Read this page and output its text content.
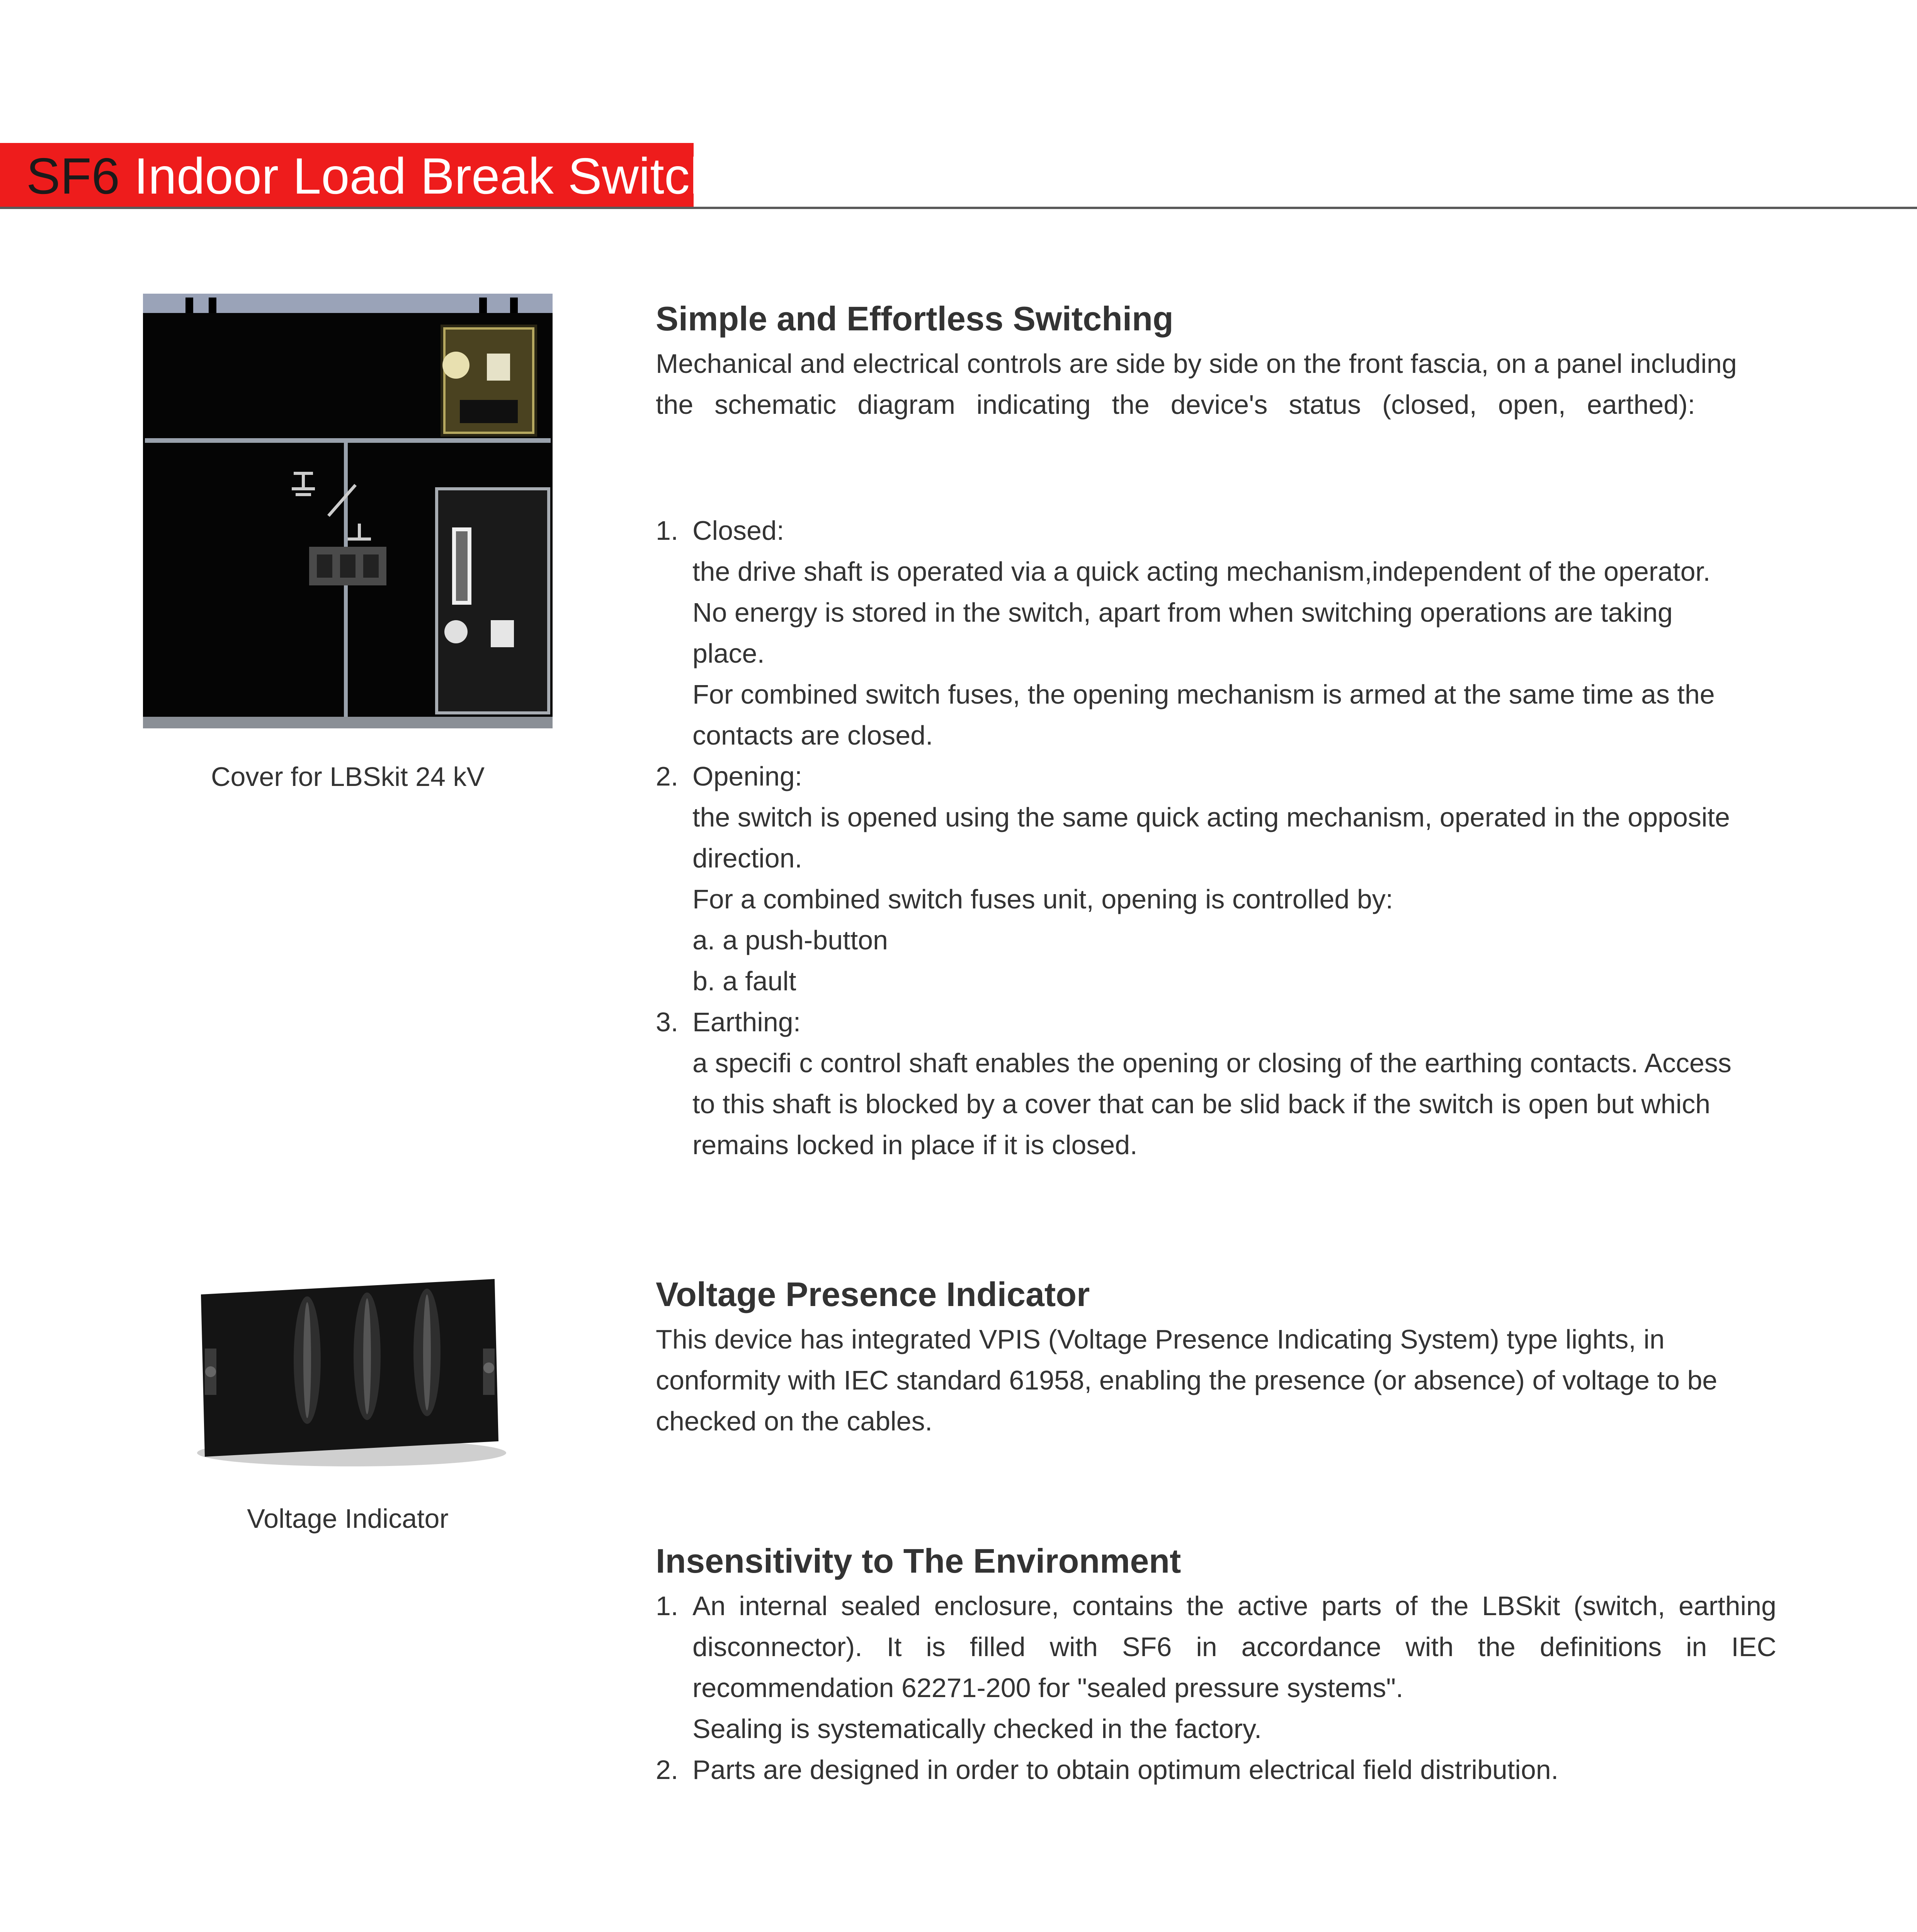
SF6
Indoor Load Break Switch
Cover for LBSkit 24 kV
Voltage Indicator
Simple and Effortless Switching

Mechanical and electrical controls are side by side on the front fascia, on a panel including

the schematic diagram indicating the device's status (closed, open, earthed):

1. Closed:
the drive shaft is operated via a quick acting mechanism,independent of the operator.
No energy is stored in the switch, apart from when switching operations are taking
place.
For combined switch fuses, the opening mechanism is armed at the same time as the
contacts are closed.
2. Opening:
the switch is opened using the same quick acting mechanism, operated in the opposite
direction.
For a combined switch fuses unit, opening is controlled by:
a. a push-button
b. a fault
3. Earthing:
a specifi c control shaft enables the opening or closing of the earthing contacts. Access
to this shaft is blocked by a cover that can be slid back if the switch is open but which
remains locked in place if it is closed.
Voltage Presence Indicator

This device has integrated VPIS (Voltage Presence Indicating System) type lights, in

conformity with IEC standard 61958, enabling the presence (or absence) of voltage to be

checked on the cables.

Insensitivity to The Environment
1. An internal sealed enclosure, contains the active parts of the LBSkit (switch, earthing
disconnector). It is filled with SF6 in accordance with the definitions in IEC
recommendation 62271-200 for "sealed pressure systems".
Sealing is systematically checked in the factory.
2. Parts are designed in order to obtain optimum electrical field distribution.
